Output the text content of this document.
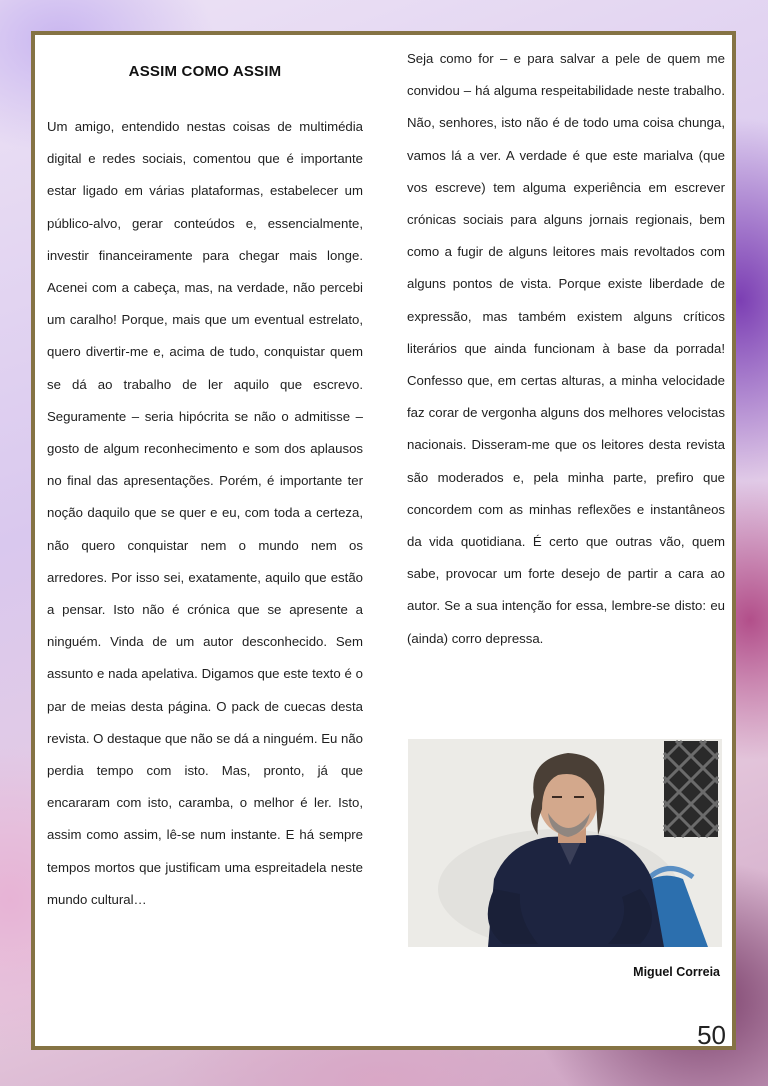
ASSIM COMO ASSIM
Um amigo, entendido nestas coisas de multimédia digital e redes sociais, comentou que é importante estar ligado em várias plataformas, estabelecer um público-alvo, gerar conteúdos e, essencialmente, investir financeiramente para chegar mais longe. Acenei com a cabeça, mas, na verdade, não percebi um caralho! Porque, mais que um eventual estrelato, quero divertir-me e, acima de tudo, conquistar quem se dá ao trabalho de ler aquilo que escrevo. Seguramente – seria hipócrita se não o admitisse – gosto de algum reconhecimento e som dos aplausos no final das apresentações. Porém, é importante ter noção daquilo que se quer e eu, com toda a certeza, não quero conquistar nem o mundo nem os arredores. Por isso sei, exatamente, aquilo que estão a pensar. Isto não é crónica que se apresente a ninguém. Vinda de um autor desconhecido. Sem assunto e nada apelativa. Digamos que este texto é o par de meias desta página. O pack de cuecas desta revista. O destaque que não se dá a ninguém. Eu não perdia tempo com isto. Mas, pronto, já que encararam com isto, caramba, o melhor é ler. Isto, assim como assim, lê-se num instante. E há sempre tempos mortos que justificam uma espreitadela neste mundo cultural…
Seja como for – e para salvar a pele de quem me convidou – há alguma respeitabilidade neste trabalho. Não, senhores, isto não é de todo uma coisa chunga, vamos lá a ver. A verdade é que este marialva (que vos escreve) tem alguma experiência em escrever crónicas sociais para alguns jornais regionais, bem como a fugir de alguns leitores mais revoltados com alguns pontos de vista. Porque existe liberdade de expressão, mas também existem alguns críticos literários que ainda funcionam à base da porrada! Confesso que, em certas alturas, a minha velocidade faz corar de vergonha alguns dos melhores velocistas nacionais. Disseram-me que os leitores desta revista são moderados e, pela minha parte, prefiro que concordem com as minhas reflexões e instantâneos da vida quotidiana. É certo que outras vão, quem sabe, provocar um forte desejo de partir a cara ao autor. Se a sua intenção for essa, lembre-se disto: eu (ainda) corro depressa.
Miguel Correia
50
